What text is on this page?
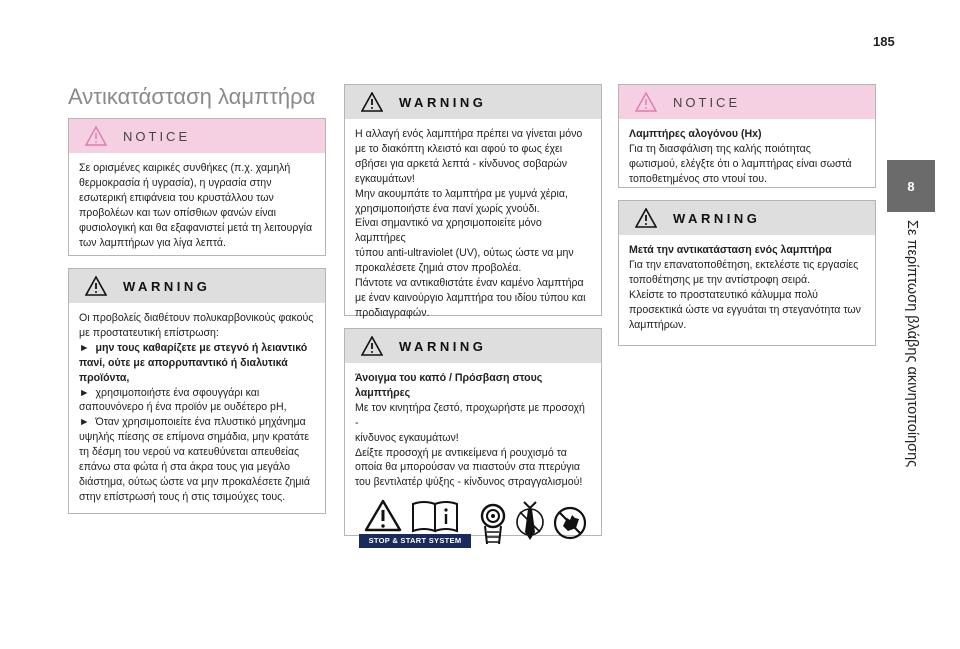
185
8
Σε περίπτωση βλάβης ακινητοποίησης
Αντικατάσταση λαμπτήρα
NOTICE

Σε ορισμένες καιρικές συνθήκες (π.χ. χαμηλή

θερμοκρασία ή υγρασία), η υγρασία στην

εσωτερική επιφάνεια του κρυστάλλου των

προβολέων και των οπίσθιων φανών είναι

φυσιολογική και θα εξαφανιστεί μετά τη λειτουργία

των λαμπτήρων για λίγα λεπτά.

WARNING

Οι προβολείς διαθέτουν πολυκαρβονικούς φακούς

με προστατευτική επίστρωση:

► μην τους καθαρίζετε με στεγνό ή λειαντικό

πανί, ούτε με απορρυπαντικό ή διαλυτικά

προϊόντα,

► χρησιμοποιήστε ένα σφουγγάρι και

σαπουνόνερο ή ένα προϊόν με ουδέτερο pH,

► Όταν χρησιμοποιείτε ένα πλυστικό μηχάνημα

υψηλής πίεσης σε επίμονα σημάδια, μην κρατάτε

τη δέσμη του νερού να κατευθύνεται απευθείας

επάνω στα φώτα ή στα άκρα τους για μεγάλο

διάστημα, ούτως ώστε να μην προκαλέσετε ζημιά

στην επίστρωσή τους ή στις τσιμούχες τους.

WARNING

Η αλλαγή ενός λαμπτήρα πρέπει να γίνεται μόνο

με το διακόπτη κλειστό και αφού το φως έχει

σβήσει για αρκετά λεπτά - κίνδυνος σοβαρών

εγκαυμάτων!

Μην ακουμπάτε το λαμπτήρα με γυμνά χέρια,

χρησιμοποιήστε ένα πανί χωρίς χνούδι.

Είναι σημαντικό να χρησιμοποιείτε μόνο λαμπτήρες

τύπου anti-ultraviolet (UV), ούτως ώστε να μην

προκαλέσετε ζημιά στον προβολέα.

Πάντοτε να αντικαθιστάτε έναν καμένο λαμπτήρα

με έναν καινούργιο λαμπτήρα του ιδίου τύπου και

προδιαγραφών.

WARNING

Άνοιγμα του καπό / Πρόσβαση στους

λαμπτήρες

Με τον κινητήρα ζεστό, προχωρήστε με προσοχή -

κίνδυνος εγκαυμάτων!

Δείξτε προσοχή με αντικείμενα ή ρουχισμό τα

οποία θα μπορούσαν να πιαστούν στα πτερύγια

του βεντιλατέρ ψύξης - κίνδυνος στραγγαλισμού!

STOP & START SYSTEM
NOTICE

Λαμπτήρες αλογόνου (Hx)

Για τη διασφάλιση της καλής ποιότητας

φωτισμού, ελέγξτε ότι ο λαμπτήρας είναι σωστά

τοποθετημένος στο ντουί του.

WARNING

Μετά την αντικατάσταση ενός λαμπτήρα

Για την επανατοποθέτηση, εκτελέστε τις εργασίες

τοποθέτησης με την αντίστροφη σειρά.

Κλείστε το προστατευτικό κάλυμμα πολύ

προσεκτικά ώστε να εγγυάται τη στεγανότητα των

λαμπτήρων.
